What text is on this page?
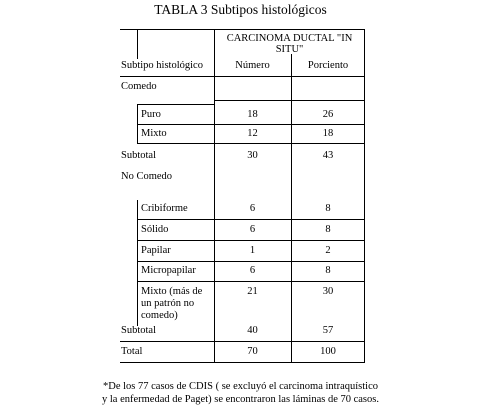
TABLA 3 Subtipos histológicos
CARCINOMA DUCTAL "IN
SITU"
Subtipo histológico	Número	Porciento
Comedo
Puro	18	26
Mixto	12	18
Subtotal	30	43
No Comedo
Cribiforme	6	8
Sólido	6	8
Papilar	1	2
Micropapilar	6	8
Mixto (más de
un patrón no
comedo)
21	30
Subtotal	40	57
Total	70	100
*De los 77 casos de CDIS ( se excluyó el carcinoma intraquístico
y la enfermedad de Paget) se encontraron las láminas de 70 casos.
